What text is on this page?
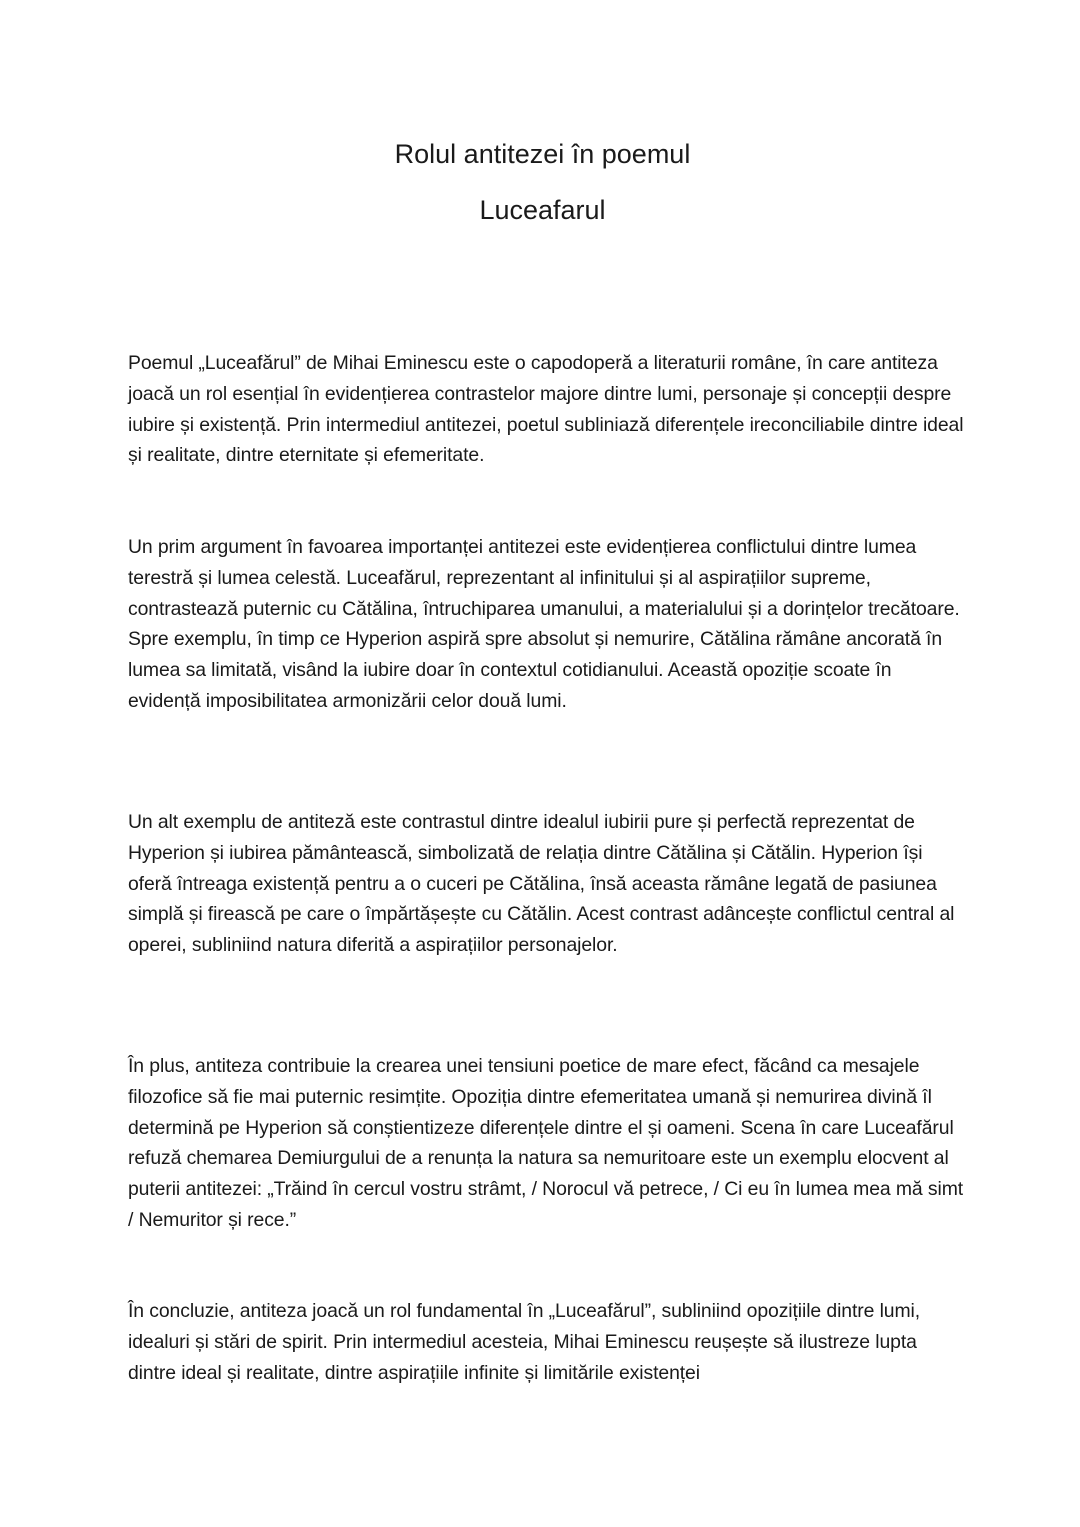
Rolul antitezei în poemul

Luceafarul

Poemul „Luceafărul” de Mihai Eminescu este o capodoperă a literaturii române, în care antiteza joacă un rol esențial în evidențierea contrastelor majore dintre lumi, personaje și concepții despre iubire și existență. Prin intermediul antitezei, poetul subliniază diferențele ireconciliabile dintre ideal și realitate, dintre eternitate și efemeritate.

Un prim argument în favoarea importanței antitezei este evidențierea conflictului dintre lumea terestră și lumea celestă. Luceafărul, reprezentant al infinitului și al aspirațiilor supreme, contrastează puternic cu Cătălina, întruchiparea umanului, a materialului și a dorințelor trecătoare. Spre exemplu, în timp ce Hyperion aspiră spre absolut și nemurire, Cătălina rămâne ancorată în lumea sa limitată, visând la iubire doar în contextul cotidianului. Această opoziție scoate în evidență imposibilitatea armonizării celor două lumi.

Un alt exemplu de antiteză este contrastul dintre idealul iubirii pure și perfectă reprezentat de Hyperion și iubirea pământească, simbolizată de relația dintre Cătălina și Cătălin. Hyperion își oferă întreaga existență pentru a o cuceri pe Cătălina, însă aceasta rămâne legată de pasiunea simplă și firească pe care o împărtășește cu Cătălin. Acest contrast adâncește conflictul central al operei, subliniind natura diferită a aspirațiilor personajelor.

În plus, antiteza contribuie la crearea unei tensiuni poetice de mare efect, făcând ca mesajele filozofice să fie mai puternic resimțite. Opoziția dintre efemeritatea umană și nemurirea divină îl determină pe Hyperion să conștientizeze diferențele dintre el și oameni. Scena în care Luceafărul refuză chemarea Demiurgului de a renunța la natura sa nemuritoare este un exemplu elocvent al puterii antitezei: „Trăind în cercul vostru strâmt, / Norocul vă petrece, / Ci eu în lumea mea mă simt / Nemuritor și rece.”

În concluzie, antiteza joacă un rol fundamental în „Luceafărul”, subliniind opozițiile dintre lumi, idealuri și stări de spirit. Prin intermediul acesteia, Mihai Eminescu reușește să ilustreze lupta dintre ideal și realitate, dintre aspirațiile infinite și limitările existenței
